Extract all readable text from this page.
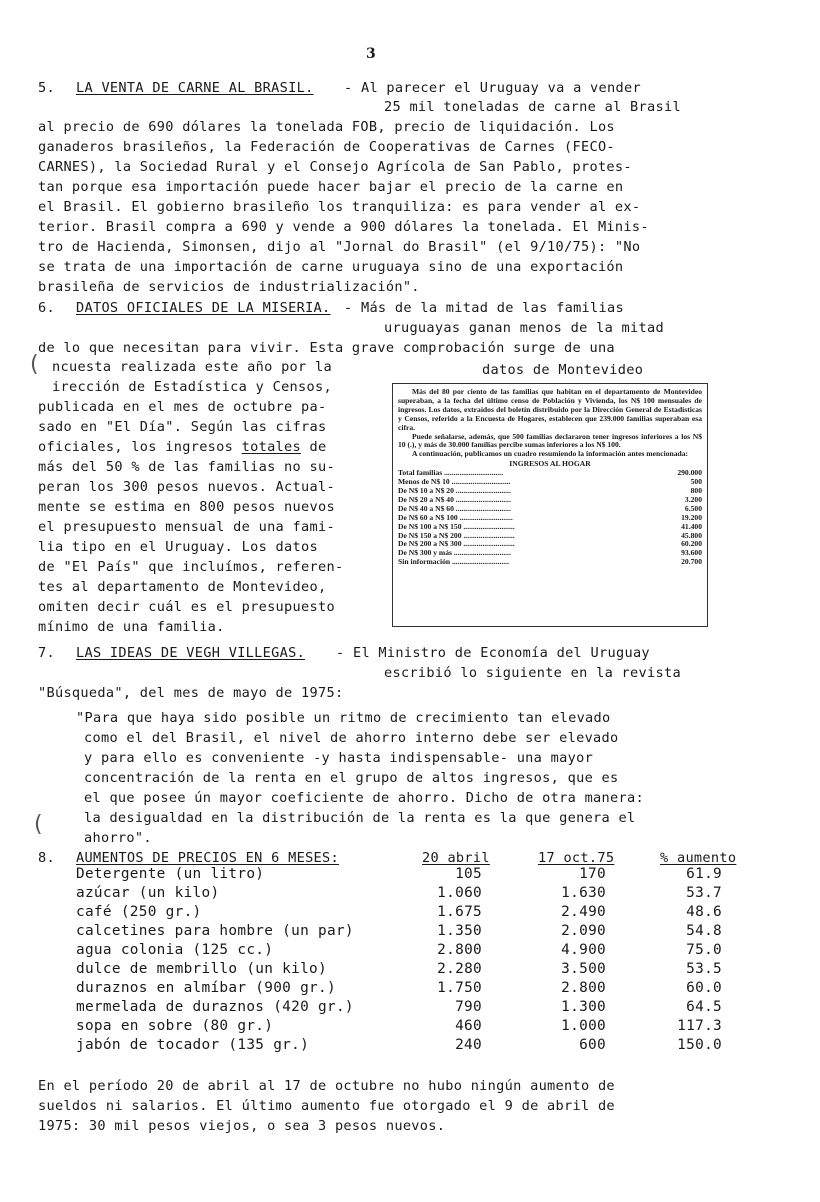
3
5. LA VENTA DE CARNE AL BRASIL. - Al parecer el Uruguay va a vender
25 mil toneladas de carne al Brasil
al precio de 690 dólares la tonelada FOB, precio de liquidación. Los
ganaderos brasileños, la Federación de Cooperativas de Carnes (FECO-
CARNES), la Sociedad Rural y el Consejo Agrícola de San Pablo, protes-
tan porque esa importación puede hacer bajar el precio de la carne en
el Brasil. El gobierno brasileño los tranquiliza: es para vender al ex-
terior. Brasil compra a 690 y vende a 900 dólares la tonelada. El Minis-
tro de Hacienda, Simonsen, dijo al "Jornal do Brasil" (el 9/10/75): "No
se trata de una importación de carne uruguaya sino de una exportación
brasileña de servicios de industrialización".
6. DATOS OFICIALES DE LA MISERIA. - Más de la mitad de las familias
uruguayas ganan menos de la mitad
de lo que necesitan para vivir. Esta grave comprobación surge de una
( ncuesta realizada este año por la
irección de Estadística y Censos,
publicada en el mes de octubre pa-
sado en "El Día". Según las cifras
oficiales, los ingresos totales de
más del 50 % de las familias no su-
peran los 300 pesos nuevos. Actual-
mente se estima en 800 pesos nuevos
el presupuesto mensual de una fami-
lia tipo en el Uruguay. Los datos
de "El País" que incluímos, referen-
tes al departamento de Montevideo,
omiten decir cuál es el presupuesto
mínimo de una familia.
datos de Montevideo

Más del 80 por ciento de las familias que habitan en el departamento de Montevideo superaban, a la fecha del último censo de Población y Vivienda, los N$ 100 mensuales de ingresos. Los datos, extraídos del boletín distribuido por la Dirección General de Estadísticas y Censos, referido a la Encuesta de Hogares, establecen que 239.000 familias superaban esa cifra.

Puede señalarse, además, que 500 familias declararon tener ingresos inferiores a los N$ 10 (.), y más de 30.000 familias percibe sumas inferiores a los N$ 100.

A continuación, publicamos un cuadro resumiendo la información antes mencionada:

INGRESOS AL HOGAR
Total familias ...............................	290.000
Menos de N$ 10 ...............................	500
De N$ 10 a N$ 20 .............................	800
De N$ 20 a N$ 40 .............................	3.200
De N$ 40 a N$ 60 .............................	6.500
De N$ 60 a N$ 100 ............................	19.200
De N$ 100 a N$ 150 ...........................	41.400
De N$ 150 a N$ 200 ...........................	45.800
De N$ 200 a N$ 300 ...........................	60.200
De N$ 300 y más ..............................	93.600
Sin información ..............................	20.700
7. LAS IDEAS DE VEGH VILLEGAS. - El Ministro de Economía del Uruguay
escribió lo siguiente en la revista
"Búsqueda", del mes de mayo de 1975:
"Para que haya sido posible un ritmo de crecimiento tan elevado
como el del Brasil, el nivel de ahorro interno debe ser elevado
y para ello es conveniente -y hasta indispensable- una mayor
concentración de la renta en el grupo de altos ingresos, que es
el que posee ún mayor coeficiente de ahorro. Dicho de otra manera:
la desigualdad en la distribución de la renta es la que genera el
(
ahorro".
8. AUMENTOS DE PRECIOS EN 6 MESES:	20 abril	17 oct.75	% aumento
Detergente (un litro)	105	170	61.9
azúcar (un kilo)	1.060	1.630	53.7
café (250 gr.)	1.675	2.490	48.6
calcetines para hombre (un par)	1.350	2.090	54.8
agua colonia (125 cc.)	2.800	4.900	75.0
dulce de membrillo (un kilo)	2.280	3.500	53.5
duraznos en almíbar (900 gr.)	1.750	2.800	60.0
mermelada de duraznos (420 gr.)	790	1.300	64.5
sopa en sobre (80 gr.)	460	1.000	117.3
jabón de tocador (135 gr.)	240	600	150.0
En el período 20 de abril al 17 de octubre no hubo ningún aumento de
sueldos ni salarios. El último aumento fue otorgado el 9 de abril de
1975: 30 mil pesos viejos, o sea 3 pesos nuevos.
